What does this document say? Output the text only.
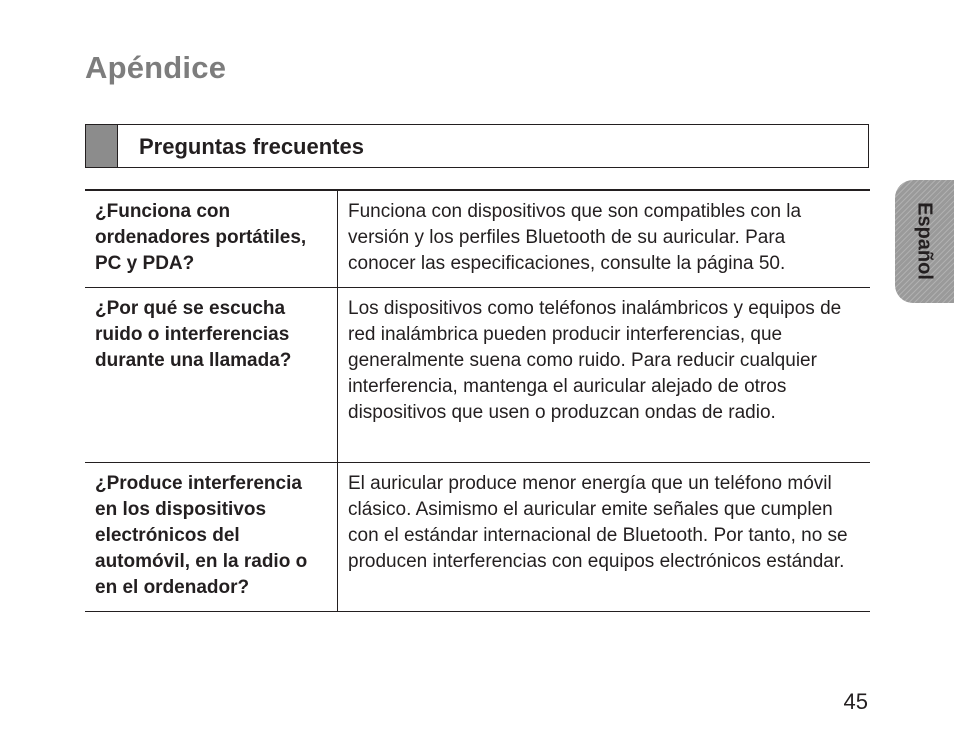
Apéndice
Preguntas frecuentes
¿Funciona con ordenadores portátiles, PC y PDA?	Funciona con dispositivos que son compatibles con la versión y los perfiles Bluetooth de su auricular. Para conocer las especificaciones, consulte la página 50.

¿Por qué se escucha ruido o interferencias durante una llamada?	Los dispositivos como teléfonos inalámbricos y equipos de red inalámbrica pueden producir interferencias, que generalmente suena como ruido. Para reducir cualquier interferencia, mantenga el auricular alejado de otros dispositivos que usen o produzcan ondas de radio.

¿Produce interferencia en los dispositivos electrónicos del automóvil, en la radio o en el ordenador?	El auricular produce menor energía que un teléfono móvil clásico. Asimismo el auricular emite señales que cumplen con el estándar internacional de Bluetooth. Por tanto, no se producen interferencias con equipos electrónicos estándar.
Español
45
